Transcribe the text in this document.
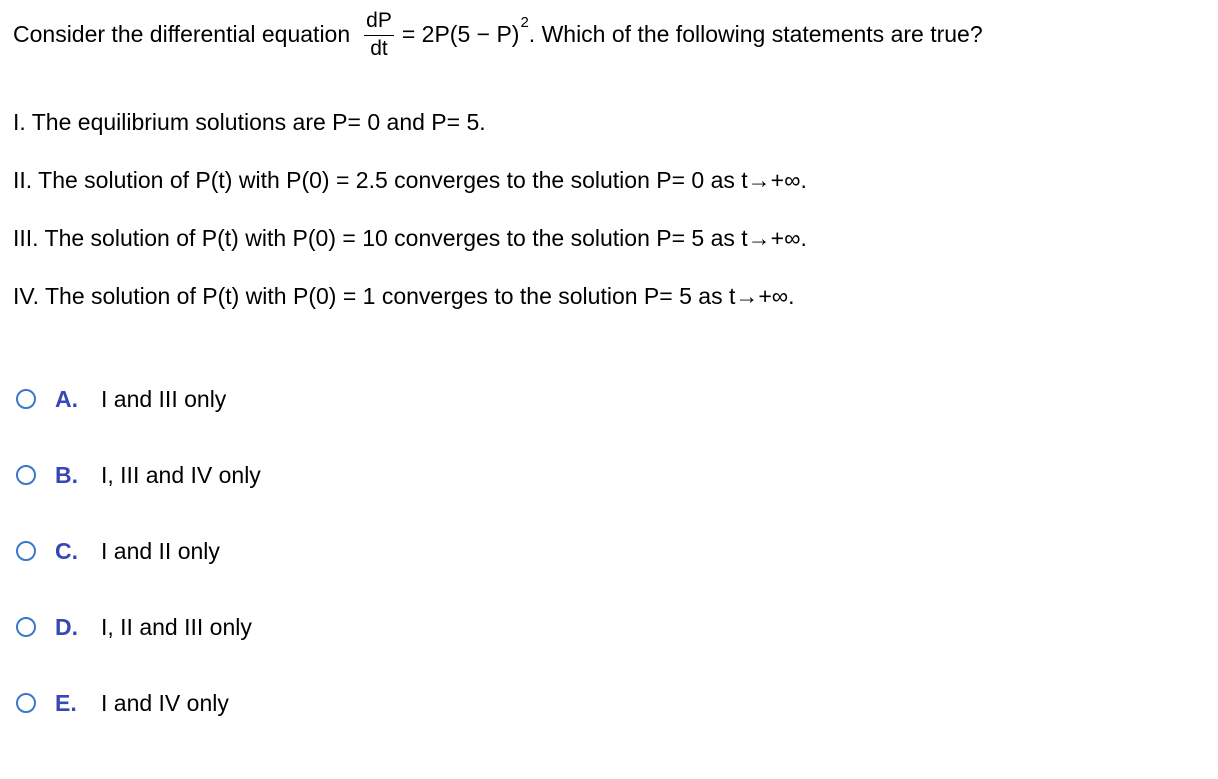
Consider the differential equation $\frac{dP}{dt} = 2P(5 - P)$ 2 . Which of the following statements are true?
I. The equilibrium solutions are P= 0 and P= 5.
II. The solution of P(t) with P(0) = 2.5 converges to the solution P= 0 as t→+∞.
III. The solution of P(t) with P(0) = 10 converges to the solution P= 5 as t→+∞.
IV. The solution of P(t) with P(0) = 1 converges to the solution P= 5 as t→+∞.
A.	I and III only
B.	I, III and IV only
C.	I and II only
D.	I, II and III only
E.	I and IV only
